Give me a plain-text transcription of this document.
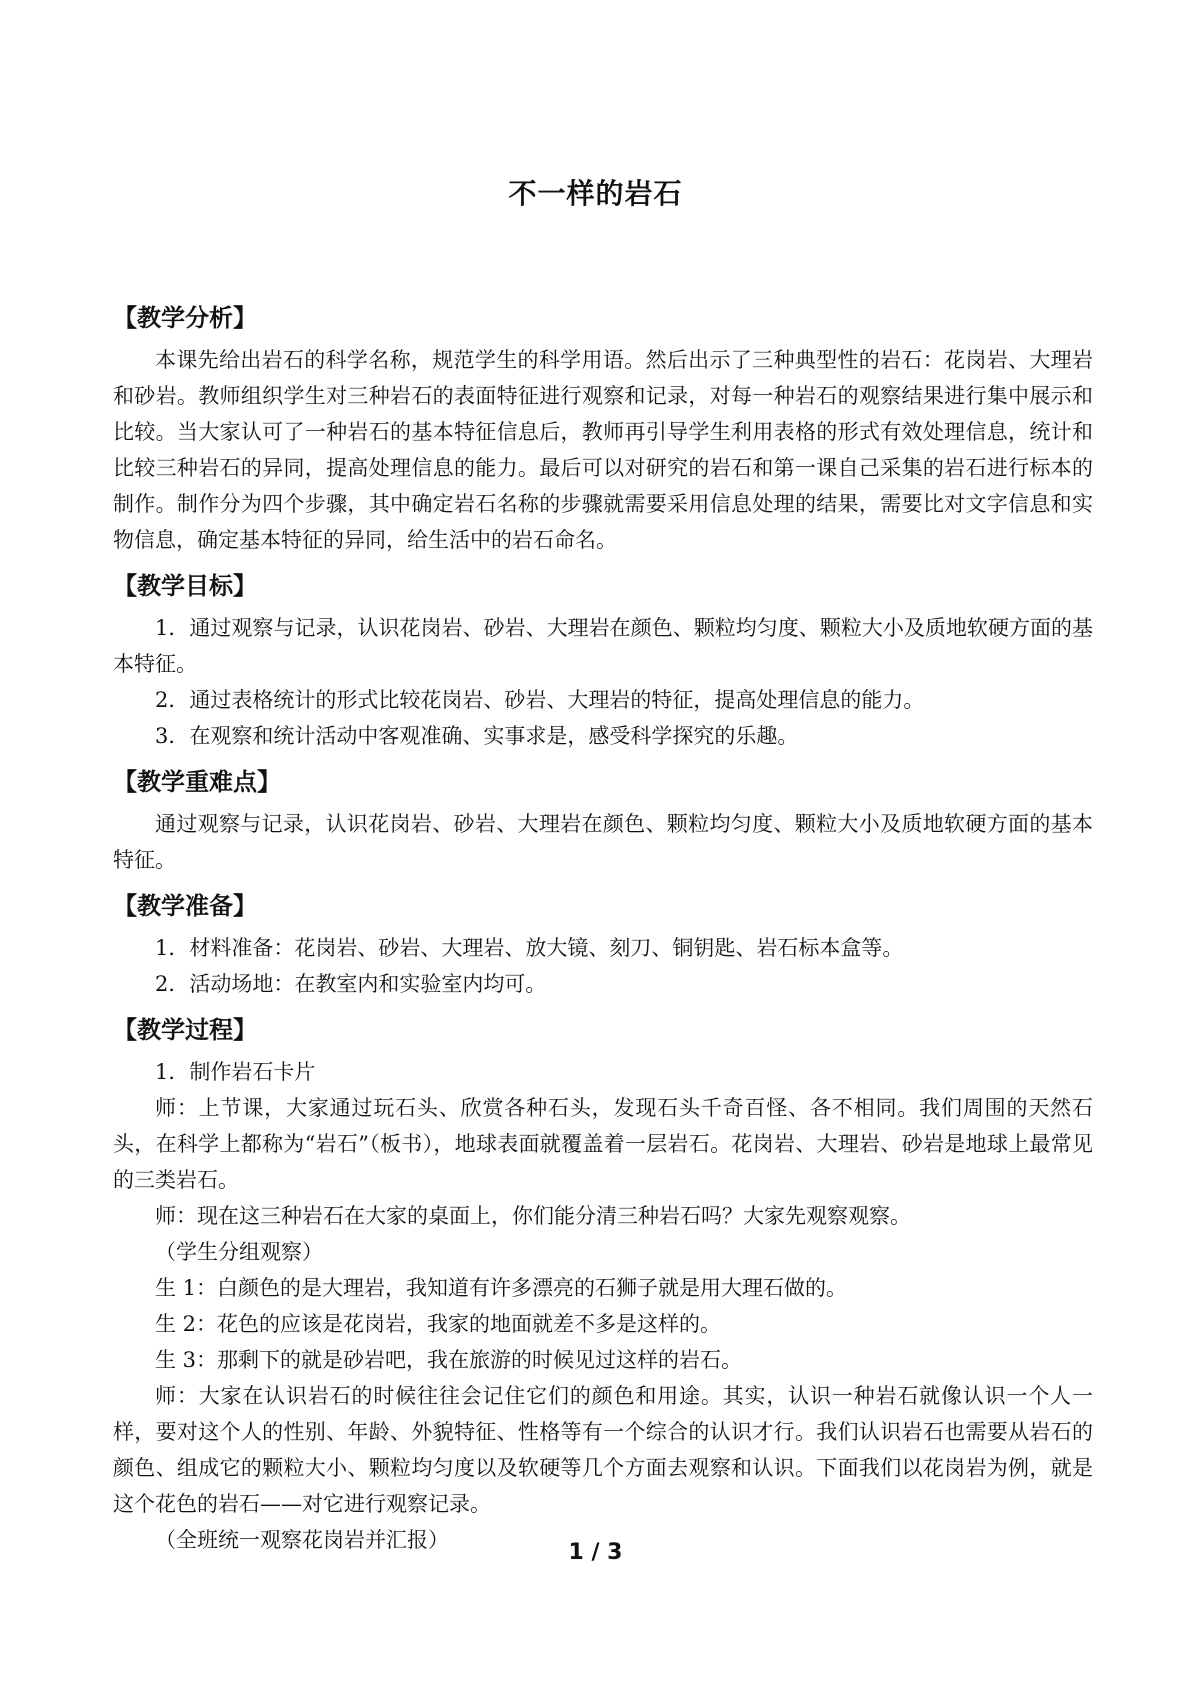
不一样的岩石
【教学分析】

本课先给出岩石的科学名称，规范学生的科学用语。然后出示了三种典型性的岩石：花岗岩、大理岩和砂岩。教师组织学生对三种岩石的表面特征进行观察和记录，对每一种岩石的观察结果进行集中展示和比较。当大家认可了一种岩石的基本特征信息后，教师再引导学生利用表格的形式有效处理信息，统计和比较三种岩石的异同，提高处理信息的能力。最后可以对研究的岩石和第一课自己采集的岩石进行标本的制作。制作分为四个步骤，其中确定岩石名称的步骤就需要采用信息处理的结果，需要比对文字信息和实物信息，确定基本特征的异同，给生活中的岩石命名。

【教学目标】

1．通过观察与记录，认识花岗岩、砂岩、大理岩在颜色、颗粒均匀度、颗粒大小及质地软硬方面的基本特征。

2．通过表格统计的形式比较花岗岩、砂岩、大理岩的特征，提高处理信息的能力。

3．在观察和统计活动中客观准确、实事求是，感受科学探究的乐趣。

【教学重难点】

通过观察与记录，认识花岗岩、砂岩、大理岩在颜色、颗粒均匀度、颗粒大小及质地软硬方面的基本特征。

【教学准备】

1．材料准备：花岗岩、砂岩、大理岩、放大镜、刻刀、铜钥匙、岩石标本盒等。

2．活动场地：在教室内和实验室内均可。

【教学过程】

1．制作岩石卡片

师：上节课，大家通过玩石头、欣赏各种石头，发现石头千奇百怪、各不相同。我们周围的天然石头，在科学上都称为“岩石”（板书），地球表面就覆盖着一层岩石。花岗岩、大理岩、砂岩是地球上最常见的三类岩石。

师：现在这三种岩石在大家的桌面上，你们能分清三种岩石吗？大家先观察观察。

（学生分组观察）

生 1：白颜色的是大理岩，我知道有许多漂亮的石狮子就是用大理石做的。

生 2：花色的应该是花岗岩，我家的地面就差不多是这样的。

生 3：那剩下的就是砂岩吧，我在旅游的时候见过这样的岩石。

师：大家在认识岩石的时候往往会记住它们的颜色和用途。其实，认识一种岩石就像认识一个人一样，要对这个人的性别、年龄、外貌特征、性格等有一个综合的认识才行。我们认识岩石也需要从岩石的颜色、组成它的颗粒大小、颗粒均匀度以及软硬等几个方面去观察和认识。下面我们以花岗岩为例，就是这个花色的岩石——对它进行观察记录。

（全班统一观察花岗岩并汇报）	1 / 3
